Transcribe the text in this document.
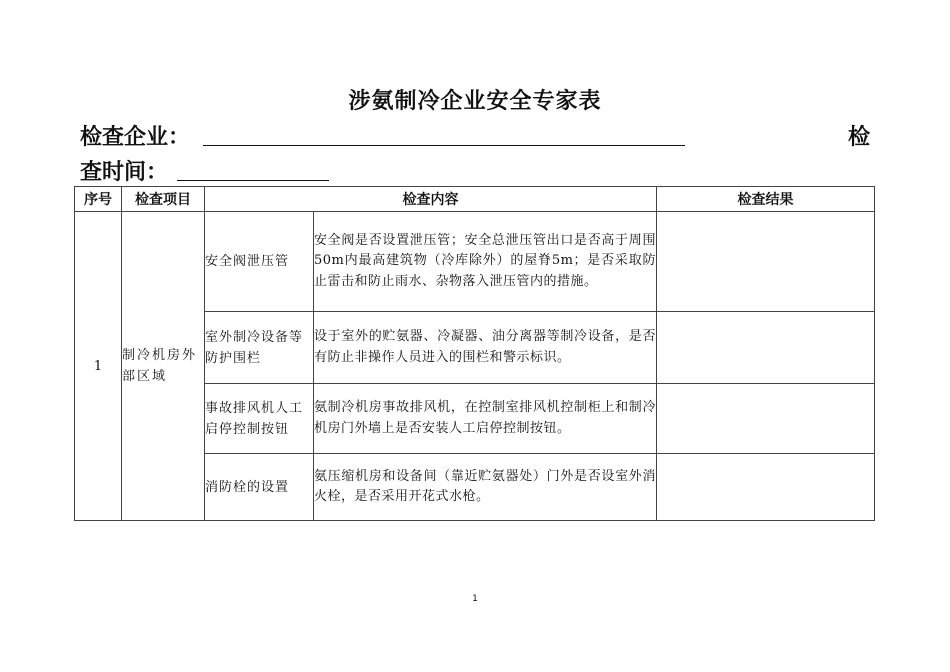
涉氨制冷企业安全专家表
检查企业：	检
查时间：
序号	检查项目	检查内容		检查结果
1	制冷机房外部区域	安全阀泄压管	安全阀是否设置泄压管；安全总泄压管出口是否高于周围50m内最高建筑物（冷库除外）的屋脊5m；是否采取防止雷击和防止雨水、杂物落入泄压管内的措施。	
		室外制冷设备等防护围栏	设于室外的贮氨器、冷凝器、油分离器等制冷设备，是否有防止非操作人员进入的围栏和警示标识。	
		事故排风机人工启停控制按钮	氨制冷机房事故排风机，在控制室排风机控制柜上和制冷机房门外墙上是否安装人工启停控制按钮。	
		消防栓的设置	氨压缩机房和设备间（靠近贮氨器处）门外是否设室外消火栓，是否采用开花式水枪。	
1
